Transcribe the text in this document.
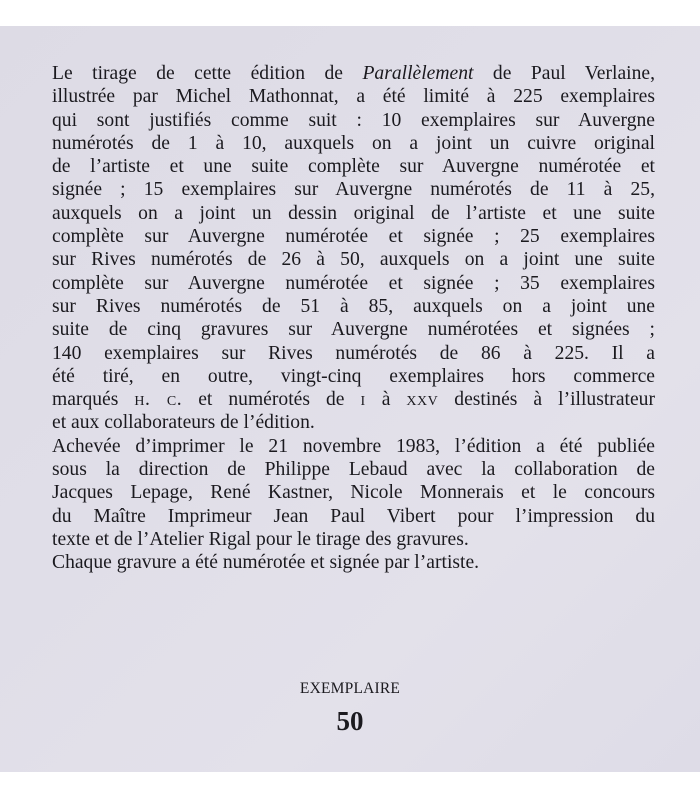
Le tirage de cette édition de Parallèlement de Paul Verlaine,
illustrée par Michel Mathonnat, a été limité à 225 exemplaires
qui sont justifiés comme suit : 10 exemplaires sur Auvergne
numérotés de 1 à 10, auxquels on a joint un cuivre original
de l’artiste et une suite complète sur Auvergne numérotée et
signée ; 15 exemplaires sur Auvergne numérotés de 11 à 25,
auxquels on a joint un dessin original de l’artiste et une suite
complète sur Auvergne numérotée et signée ; 25 exemplaires
sur Rives numérotés de 26 à 50, auxquels on a joint une suite
complète sur Auvergne numérotée et signée ; 35 exemplaires
sur Rives numérotés de 51 à 85, auxquels on a joint une
suite de cinq gravures sur Auvergne numérotées et signées ;
140 exemplaires sur Rives numérotés de 86 à 225. Il a
été tiré, en outre, vingt-cinq exemplaires hors commerce
marqués h. c. et numérotés de i à xxv destinés à l’illustrateur
et aux collaborateurs de l’édition.
Achevée d’imprimer le 21 novembre 1983, l’édition a été publiée
sous la direction de Philippe Lebaud avec la collaboration de
Jacques Lepage, René Kastner, Nicole Monnerais et le concours
du Maître Imprimeur Jean Paul Vibert pour l’impression du
texte et de l’Atelier Rigal pour le tirage des gravures.
Chaque gravure a été numérotée et signée par l’artiste.
EXEMPLAIRE
50
